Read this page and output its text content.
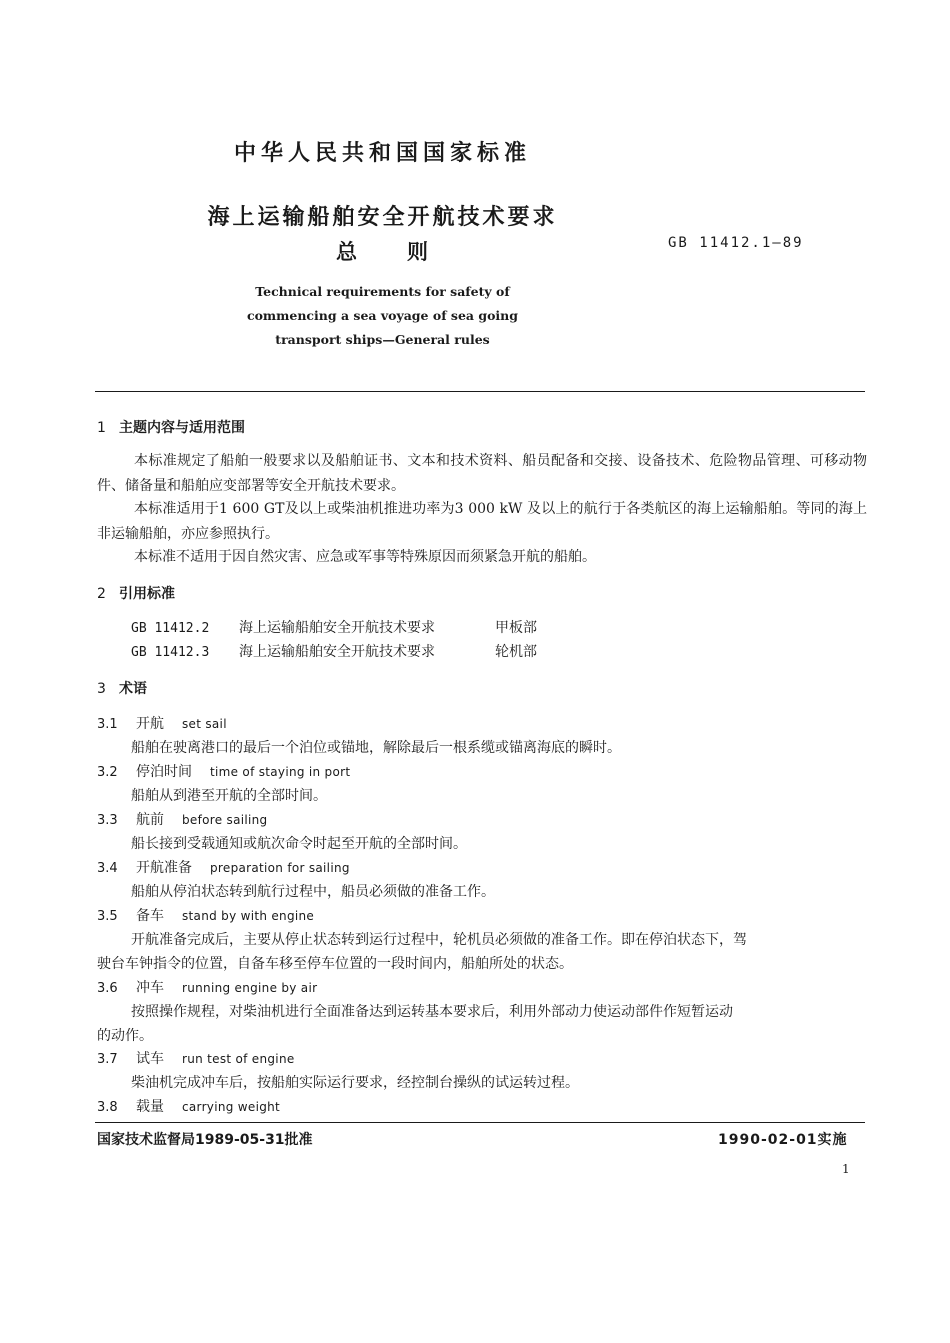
中华人民共和国国家标准
海上运输船舶安全开航技术要求
总则	GB 11412.1—89
Technical requirements for safety of
commencing a sea voyage of sea going
transport ships—General rules
1 主题内容与适用范围
本标准规定了船舶一般要求以及船舶证书、文本和技术资料、船员配备和交接、设备技术、危险物品管理、可移动物件、储备量和船舶应变部署等安全开航技术要求。
本标准适用于1 600 GT及以上或柴油机推进功率为3 000 kW 及以上的航行于各类航区的海上运输船舶。等同的海上非运输船舶，亦应参照执行。
本标准不适用于因自然灾害、应急或军事等特殊原因而须紧急开航的船舶。
2 引用标准
GB 11412.2 海上运输船舶安全开航技术要求	甲板部
GB 11412.3 海上运输船舶安全开航技术要求	轮机部
3 术语
3.1 开航 set sail
船舶在驶离港口的最后一个泊位或锚地，解除最后一根系缆或锚离海底的瞬时。
3.2 停泊时间 time of staying in port
船舶从到港至开航的全部时间。
3.3 航前 before sailing
船长接到受载通知或航次命令时起至开航的全部时间。
3.4 开航准备 preparation for sailing
船舶从停泊状态转到航行过程中，船员必须做的准备工作。
3.5 备车 stand by with engine
开航准备完成后，主要从停止状态转到运行过程中，轮机员必须做的准备工作。即在停泊状态下，驾
驶台车钟指令的位置，自备车移至停车位置的一段时间内，船舶所处的状态。
3.6 冲车 running engine by air
按照操作规程，对柴油机进行全面准备达到运转基本要求后，利用外部动力使运动部件作短暂运动
的动作。
3.7 试车 run test of engine
柴油机完成冲车后，按船舶实际运行要求，经控制台操纵的试运转过程。
3.8 载量 carrying weight
国家技术监督局1989-05-31批准	1990-02-01实施
1
